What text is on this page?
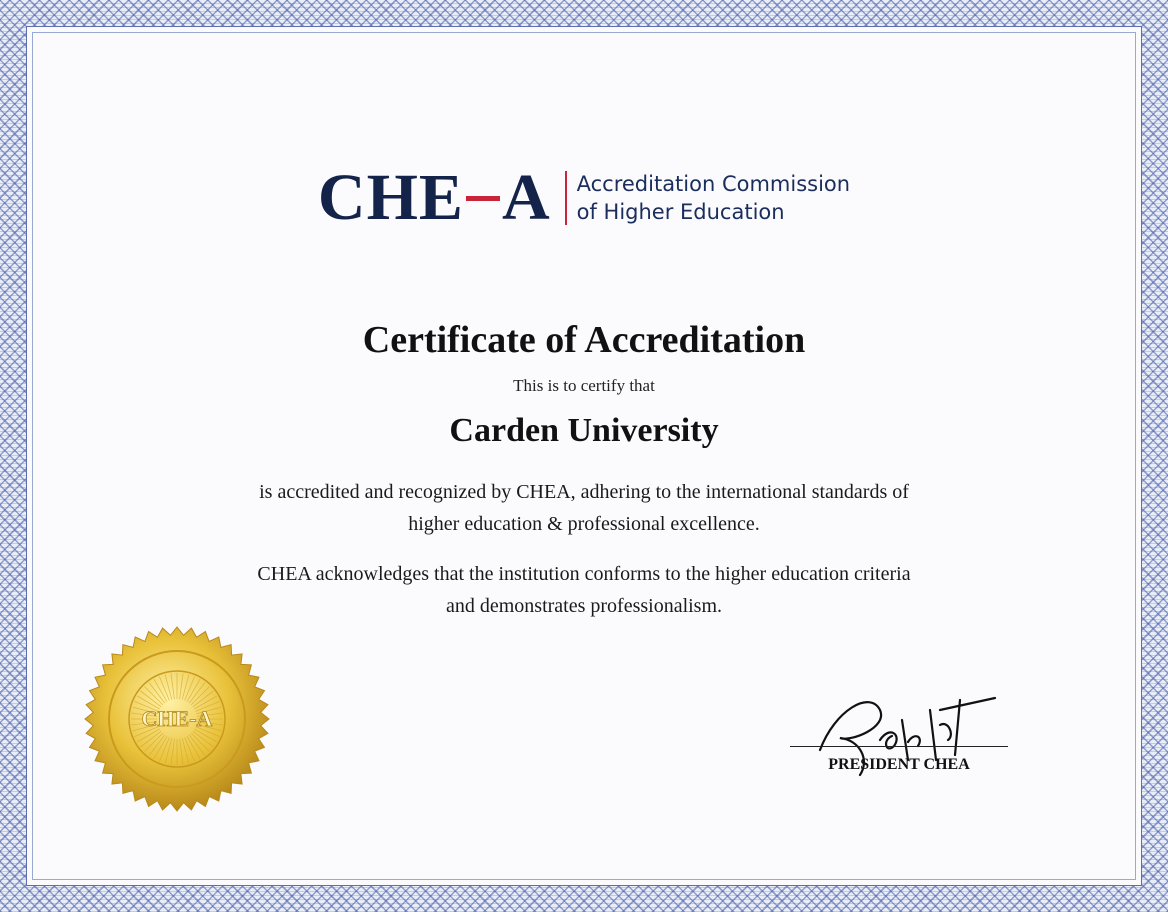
CHE A Accreditation Commission
of Higher Education
Certificate of Accreditation
This is to certify that
Carden University
is accredited and recognized by CHEA, adhering to the international standards of
higher education & professional excellence.
CHEA acknowledges that the institution conforms to the higher education criteria
and demonstrates professionalism.
CHE-A
Robert
PRESIDENT CHEA
